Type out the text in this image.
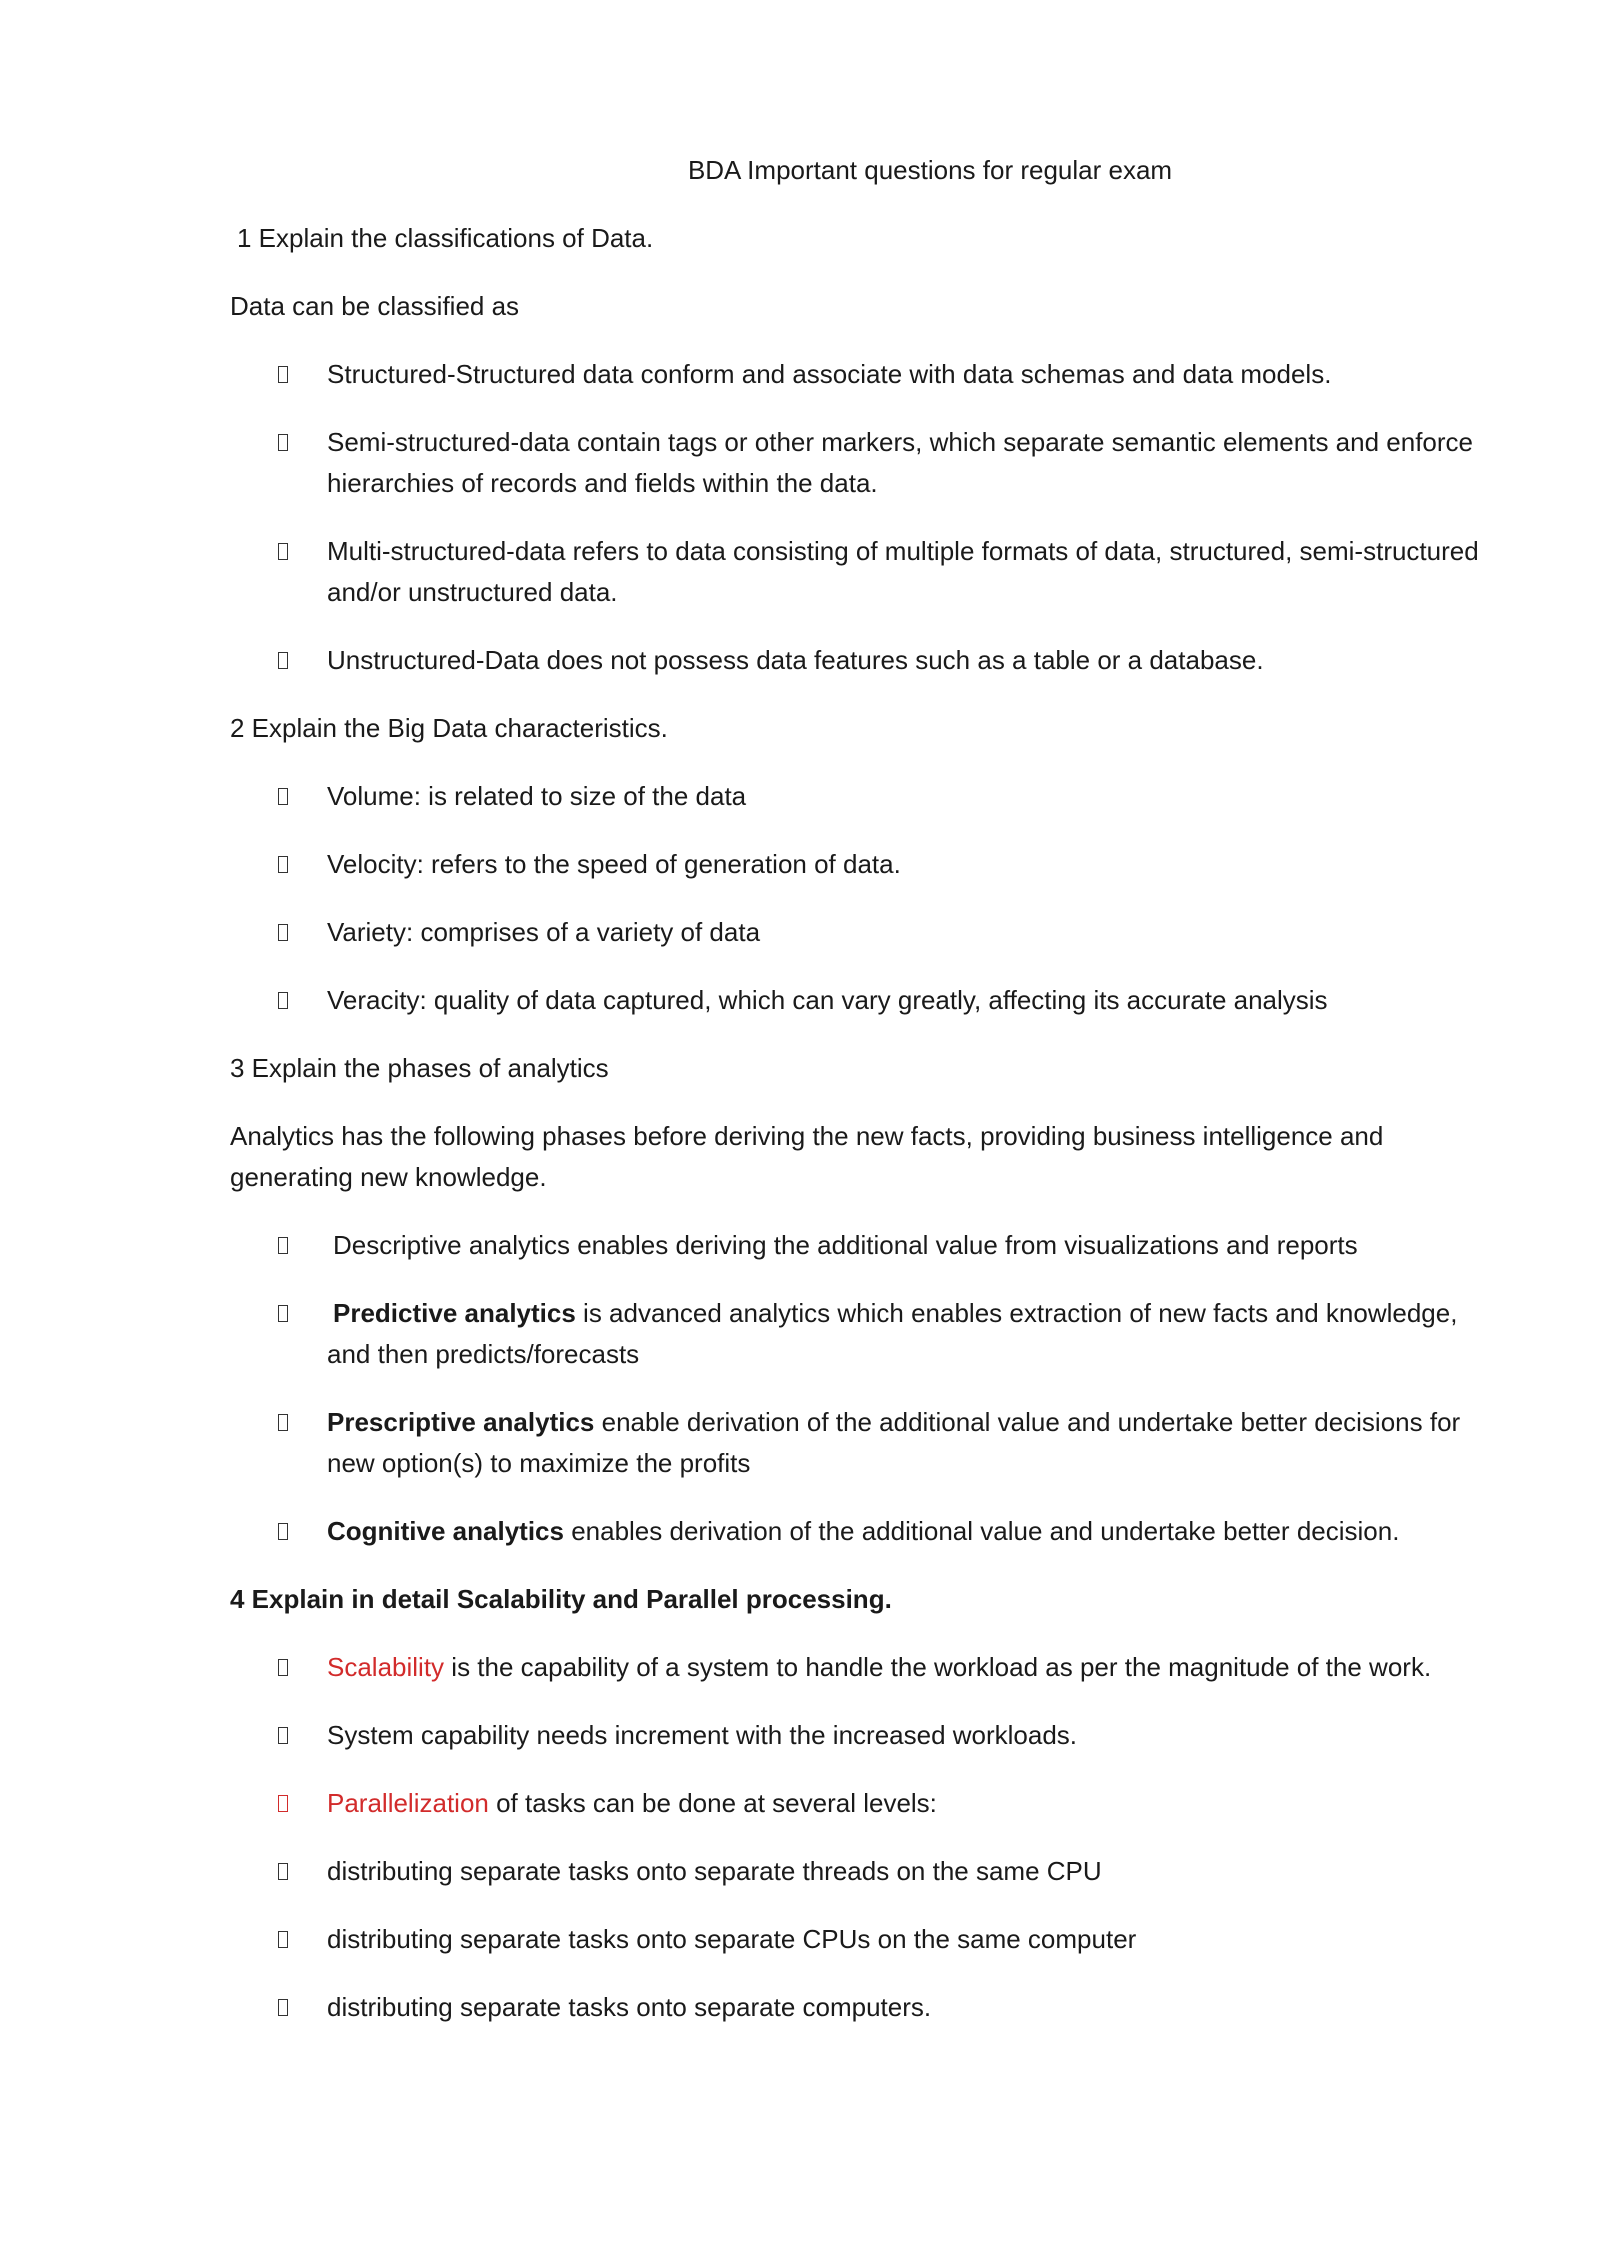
BDA Important questions for regular exam

1 Explain the classifications of Data.

Data can be classified as

Structured-Structured data conform and associate with data schemas and data models.
Semi-structured-data contain tags or other markers, which separate semantic elements and enforce hierarchies of records and fields within the data.
Multi-structured-data refers to data consisting of multiple formats of data, structured, semi-structured and/or unstructured data.
Unstructured-Data does not possess data features such as a table or a database.

2 Explain the Big Data characteristics.

Volume: is related to size of the data
Velocity: refers to the speed of generation of data.
Variety: comprises of a variety of data
Veracity: quality of data captured, which can vary greatly, affecting its accurate analysis

3 Explain the phases of analytics

Analytics has the following phases before deriving the new facts, providing business intelligence and generating new knowledge.

Descriptive analytics enables deriving the additional value from visualizations and reports
Predictive analytics is advanced analytics which enables extraction of new facts and knowledge, and then predicts/forecasts
Prescriptive analytics enable derivation of the additional value and undertake better decisions for new option(s) to maximize the profits
Cognitive analytics enables derivation of the additional value and undertake better decision.

4 Explain in detail Scalability and Parallel processing.

Scalability is the capability of a system to handle the workload as per the magnitude of the work.
System capability needs increment with the increased workloads.
Parallelization of tasks can be done at several levels:
distributing separate tasks onto separate threads on the same CPU
distributing separate tasks onto separate CPUs on the same computer
distributing separate tasks onto separate computers.
